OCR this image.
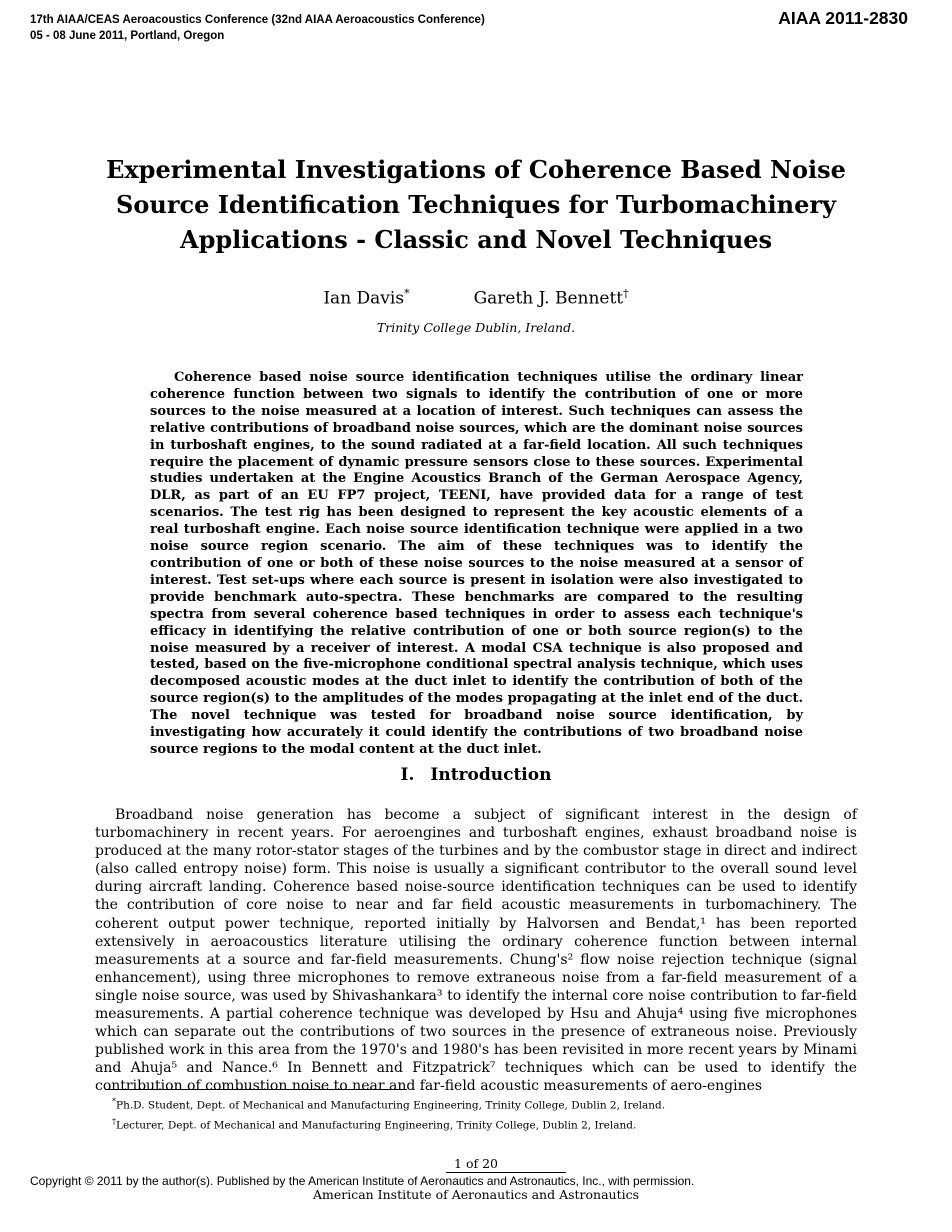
17th AIAA/CEAS Aeroacoustics Conference (32nd AIAA Aeroacoustics Conference)
05 - 08 June 2011, Portland, Oregon
AIAA 2011-2830
Experimental Investigations of Coherence Based Noise Source Identification Techniques for Turbomachinery Applications - Classic and Novel Techniques
Ian Davis*	Gareth J. Bennett†
Trinity College Dublin, Ireland.

Coherence based noise source identification techniques utilise the ordinary linear coherence function between two signals to identify the contribution of one or more sources to the noise measured at a location of interest. Such techniques can assess the relative contributions of broadband noise sources, which are the dominant noise sources in turboshaft engines, to the sound radiated at a far-field location. All such techniques require the placement of dynamic pressure sensors close to these sources. Experimental studies undertaken at the Engine Acoustics Branch of the German Aerospace Agency, DLR, as part of an EU FP7 project, TEENI, have provided data for a range of test scenarios. The test rig has been designed to represent the key acoustic elements of a real turboshaft engine. Each noise source identification technique were applied in a two noise source region scenario. The aim of these techniques was to identify the contribution of one or both of these noise sources to the noise measured at a sensor of interest. Test set-ups where each source is present in isolation were also investigated to provide benchmark auto-spectra. These benchmarks are compared to the resulting spectra from several coherence based techniques in order to assess each technique's efficacy in identifying the relative contribution of one or both source region(s) to the noise measured by a receiver of interest. A modal CSA technique is also proposed and tested, based on the five-microphone conditional spectral analysis technique, which uses decomposed acoustic modes at the duct inlet to identify the contribution of both of the source region(s) to the amplitudes of the modes propagating at the inlet end of the duct. The novel technique was tested for broadband noise source identification, by investigating how accurately it could identify the contributions of two broadband noise source regions to the modal content at the duct inlet.

I. Introduction

Broadband noise generation has become a subject of significant interest in the design of turbomachinery in recent years. For aeroengines and turboshaft engines, exhaust broadband noise is produced at the many rotor-stator stages of the turbines and by the combustor stage in direct and indirect (also called entropy noise) form. This noise is usually a significant contributor to the overall sound level during aircraft landing. Coherence based noise-source identification techniques can be used to identify the contribution of core noise to near and far field acoustic measurements in turbomachinery. The coherent output power technique, reported initially by Halvorsen and Bendat,¹ has been reported extensively in aeroacoustics literature utilising the ordinary coherence function between internal measurements at a source and far-field measurements. Chung's² flow noise rejection technique (signal enhancement), using three microphones to remove extraneous noise from a far-field measurement of a single noise source, was used by Shivashankara³ to identify the internal core noise contribution to far-field measurements. A partial coherence technique was developed by Hsu and Ahuja⁴ using five microphones which can separate out the contributions of two sources in the presence of extraneous noise. Previously published work in this area from the 1970's and 1980's has been revisited in more recent years by Minami and Ahuja⁵ and Nance.⁶ In Bennett and Fitzpatrick⁷ techniques which can be used to identify the contribution of combustion noise to near and far-field acoustic measurements of aero-engines

*Ph.D. Student, Dept. of Mechanical and Manufacturing Engineering, Trinity College, Dublin 2, Ireland.
†Lecturer, Dept. of Mechanical and Manufacturing Engineering, Trinity College, Dublin 2, Ireland.
1 of 20
Copyright © 2011 by the author(s). Published by the American Institute of Aeronautics and Astronautics, Inc., with permission.
American Institute of Aeronautics and Astronautics
